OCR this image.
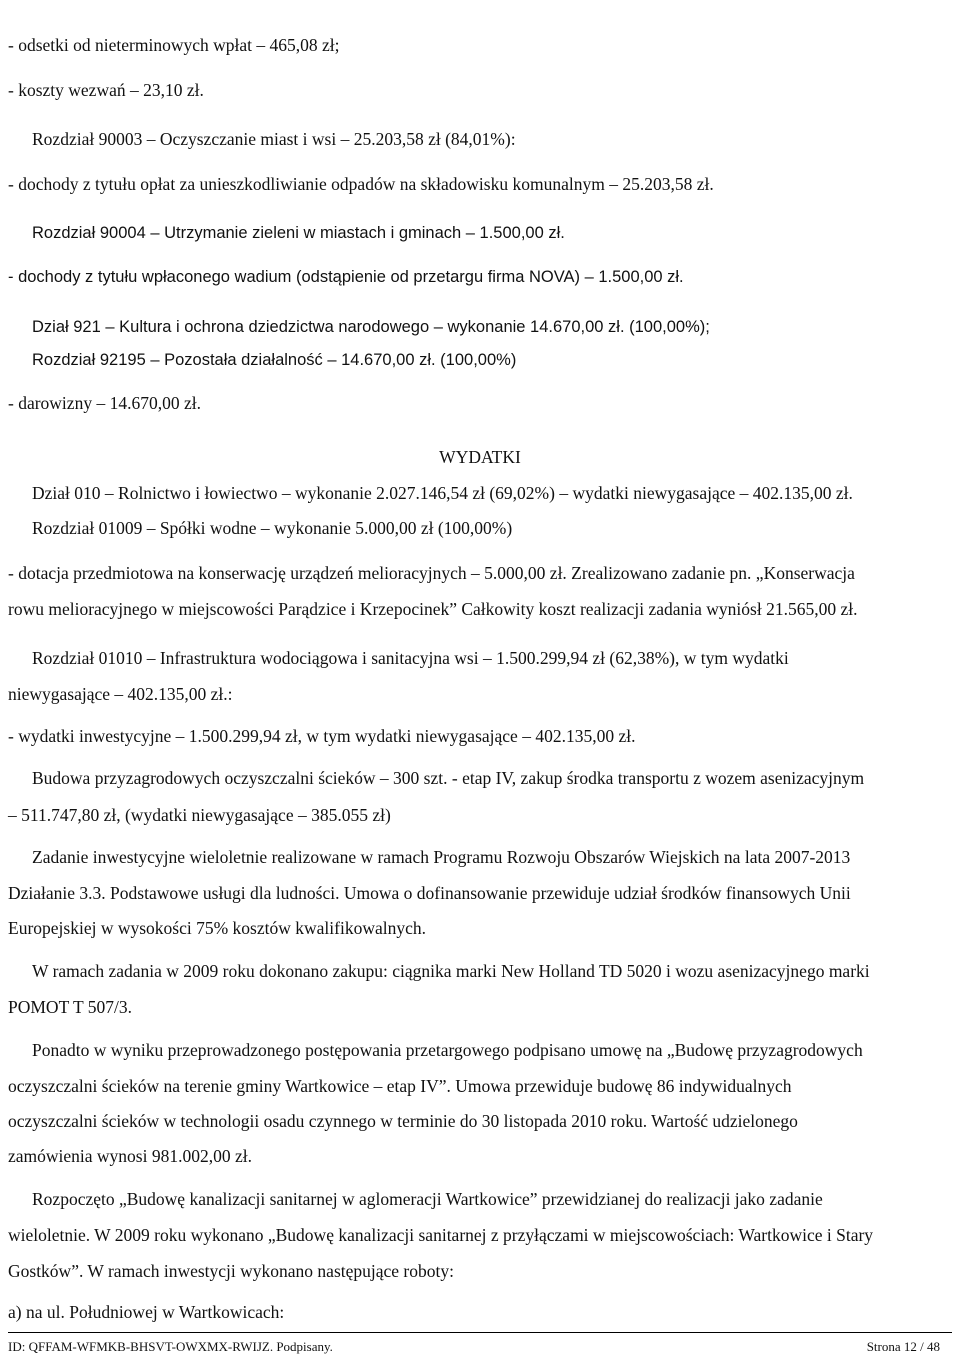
- odsetki od nieterminowych wpłat – 465,08 zł;
- koszty wezwań – 23,10 zł.
Rozdział 90003 – Oczyszczanie miast i wsi – 25.203,58 zł (84,01%):
- dochody z tytułu opłat za unieszkodliwianie odpadów na składowisku komunalnym – 25.203,58 zł.
Rozdział 90004 – Utrzymanie zieleni w miastach i gminach – 1.500,00 zł.
- dochody z tytułu wpłaconego wadium (odstąpienie od przetargu firma NOVA) – 1.500,00 zł.
Dział 921 – Kultura i ochrona dziedzictwa narodowego – wykonanie 14.670,00 zł. (100,00%);
Rozdział 92195 – Pozostała działalność – 14.670,00 zł. (100,00%)
- darowizny – 14.670,00 zł.
WYDATKI
Dział 010 – Rolnictwo i łowiectwo – wykonanie 2.027.146,54 zł (69,02%) – wydatki niewygasające – 402.135,00 zł.
Rozdział 01009 – Spółki wodne – wykonanie 5.000,00 zł (100,00%)
- dotacja przedmiotowa na konserwację urządzeń melioracyjnych – 5.000,00 zł. Zrealizowano zadanie pn. „Konserwacja
rowu melioracyjnego w miejscowości Parądzice i Krzepocinek” Całkowity koszt realizacji zadania wyniósł 21.565,00 zł.
Rozdział 01010 – Infrastruktura wodociągowa i sanitacyjna wsi – 1.500.299,94 zł (62,38%), w tym wydatki
niewygasające – 402.135,00 zł.:
- wydatki inwestycyjne – 1.500.299,94 zł, w tym wydatki niewygasające – 402.135,00 zł.
Budowa przyzagrodowych oczyszczalni ścieków – 300 szt. - etap IV, zakup środka transportu z wozem asenizacyjnym
– 511.747,80 zł, (wydatki niewygasające – 385.055 zł)
Zadanie inwestycyjne wieloletnie realizowane w ramach Programu Rozwoju Obszarów Wiejskich na lata 2007-2013
Działanie 3.3. Podstawowe usługi dla ludności. Umowa o dofinansowanie przewiduje udział środków finansowych Unii
Europejskiej w wysokości 75% kosztów kwalifikowalnych.
W ramach zadania w 2009 roku dokonano zakupu: ciągnika marki New Holland TD 5020 i wozu asenizacyjnego marki
POMOT T 507/3.
Ponadto w wyniku przeprowadzonego postępowania przetargowego podpisano umowę na „Budowę przyzagrodowych
oczyszczalni ścieków na terenie gminy Wartkowice – etap IV”. Umowa przewiduje budowę 86 indywidualnych
oczyszczalni ścieków w technologii osadu czynnego w terminie do 30 listopada 2010 roku. Wartość udzielonego
zamówienia wynosi 981.002,00 zł.
Rozpoczęto „Budowę kanalizacji sanitarnej w aglomeracji Wartkowice” przewidzianej do realizacji jako zadanie
wieloletnie. W 2009 roku wykonano „Budowę kanalizacji sanitarnej z przyłączami w miejscowościach: Wartkowice i Stary
Gostków”. W ramach inwestycji wykonano następujące roboty:
a) na ul. Południowej w Wartkowicach:
ID: QFFAM-WFMKB-BHSVT-OWXMX-RWIJZ. Podpisany.	Strona 12 / 48
